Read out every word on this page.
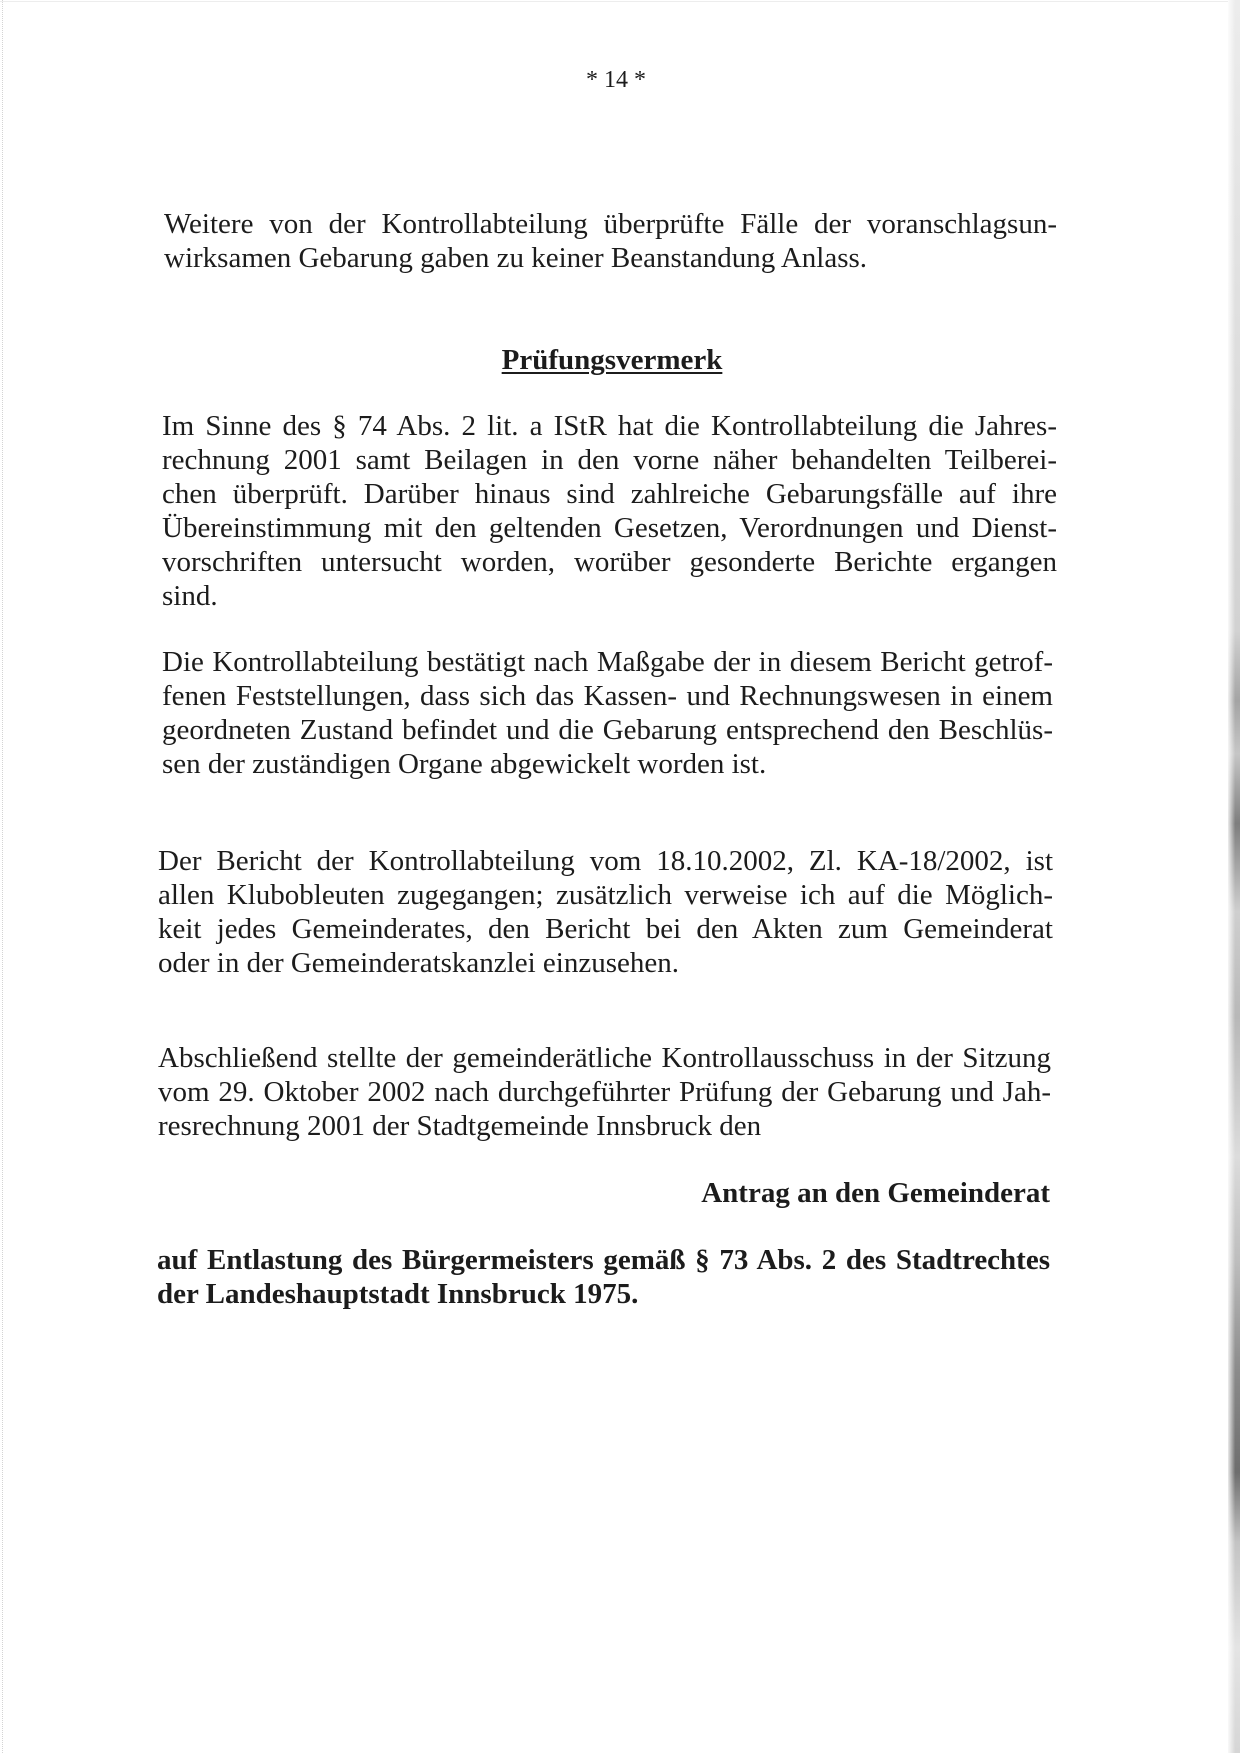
* 14 *
Weitere von der Kontrollabteilung überprüfte Fälle der voranschlagsun-
wirksamen Gebarung gaben zu keiner Beanstandung Anlass.
Prüfungsvermerk
Im Sinne des § 74 Abs. 2 lit. a IStR hat die Kontrollabteilung die Jahres-
rechnung 2001 samt Beilagen in den vorne näher behandelten Teilberei-
chen überprüft. Darüber hinaus sind zahlreiche Gebarungsfälle auf ihre
Übereinstimmung mit den geltenden Gesetzen, Verordnungen und Dienst-
vorschriften untersucht worden, worüber gesonderte Berichte ergangen
sind.
Die Kontrollabteilung bestätigt nach Maßgabe der in diesem Bericht getrof-
fenen Feststellungen, dass sich das Kassen- und Rechnungswesen in einem
geordneten Zustand befindet und die Gebarung entsprechend den Beschlüs-
sen der zuständigen Organe abgewickelt worden ist.
Der Bericht der Kontrollabteilung vom 18.10.2002, Zl. KA-18/2002, ist
allen Klubobleuten zugegangen; zusätzlich verweise ich auf die Möglich-
keit jedes Gemeinderates, den Bericht bei den Akten zum Gemeinderat
oder in der Gemeinderatskanzlei einzusehen.
Abschließend stellte der gemeinderätliche Kontrollausschuss in der Sitzung
vom 29. Oktober 2002 nach durchgeführter Prüfung der Gebarung und Jah-
resrechnung 2001 der Stadtgemeinde Innsbruck den
Antrag an den Gemeinderat
auf Entlastung des Bürgermeisters gemäß § 73 Abs. 2 des Stadtrechtes
der Landeshauptstadt Innsbruck 1975.
